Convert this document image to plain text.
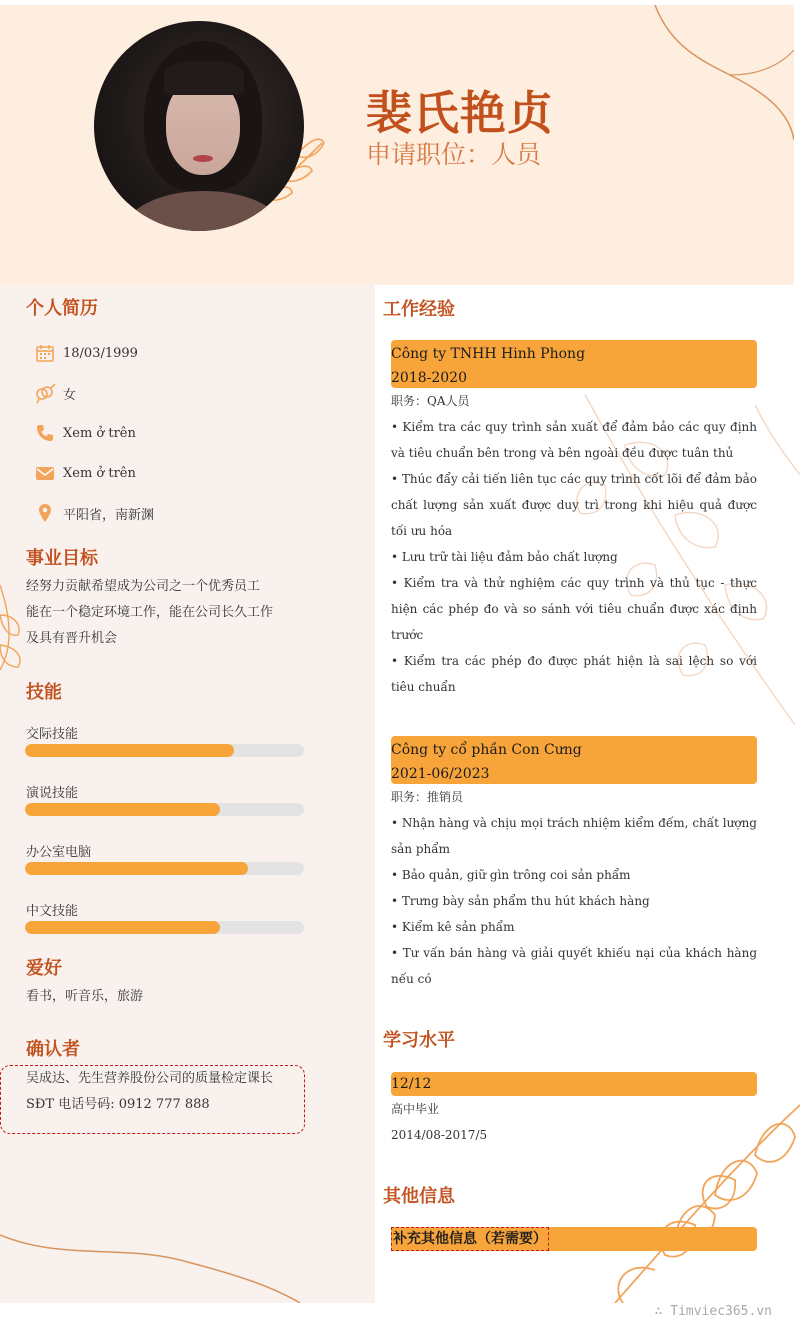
裴氏艳贞
申请职位：人员
个人简历
18/03/1999
女
Xem ở trên
Xem ở trên
平阳省，南新渊
事业目标
经努力贡献希望成为公司之一个优秀员工
能在一个稳定环境工作，能在公司长久工作
及具有晋升机会
技能
交际技能
演说技能
办公室电脑
中文技能
爱好
看书，听音乐，旅游
确认者
吴成达、先生营养股份公司的质量检定课长
SĐT 电话号码: 0912 777 888
工作经验
Công ty TNHH Hinh Phong
2018-2020
职务：QA人员
• Kiểm tra các quy trình sản xuất để đảm bảo các quy định và tiêu chuẩn bên trong và bên ngoài đều được tuân thủ
• Thúc đẩy cải tiến liên tục các quy trình cốt lõi để đảm bảo chất lượng sản xuất được duy trì trong khi hiệu quả được tối ưu hóa
• Lưu trữ tài liệu đảm bảo chất lượng
• Kiểm tra và thử nghiệm các quy trình và thủ tục - thực hiện các phép đo và so sánh với tiêu chuẩn được xác định trước
• Kiểm tra các phép đo được phát hiện là sai lệch so với tiêu chuẩn
Công ty cổ phần Con Cưng
2021-06/2023
职务：推销员
• Nhận hàng và chịu mọi trách nhiệm kiểm đếm, chất lượng sản phẩm
• Bảo quản, giữ gìn trông coi sản phẩm
• Trưng bày sản phẩm thu hút khách hàng
• Kiểm kê sản phẩm
• Tư vấn bán hàng và giải quyết khiếu nại của khách hàng nếu có
学习水平
12/12
高中毕业
2014/08-2017/5
其他信息
补充其他信息（若需要）
∴ Timviec365.vn
